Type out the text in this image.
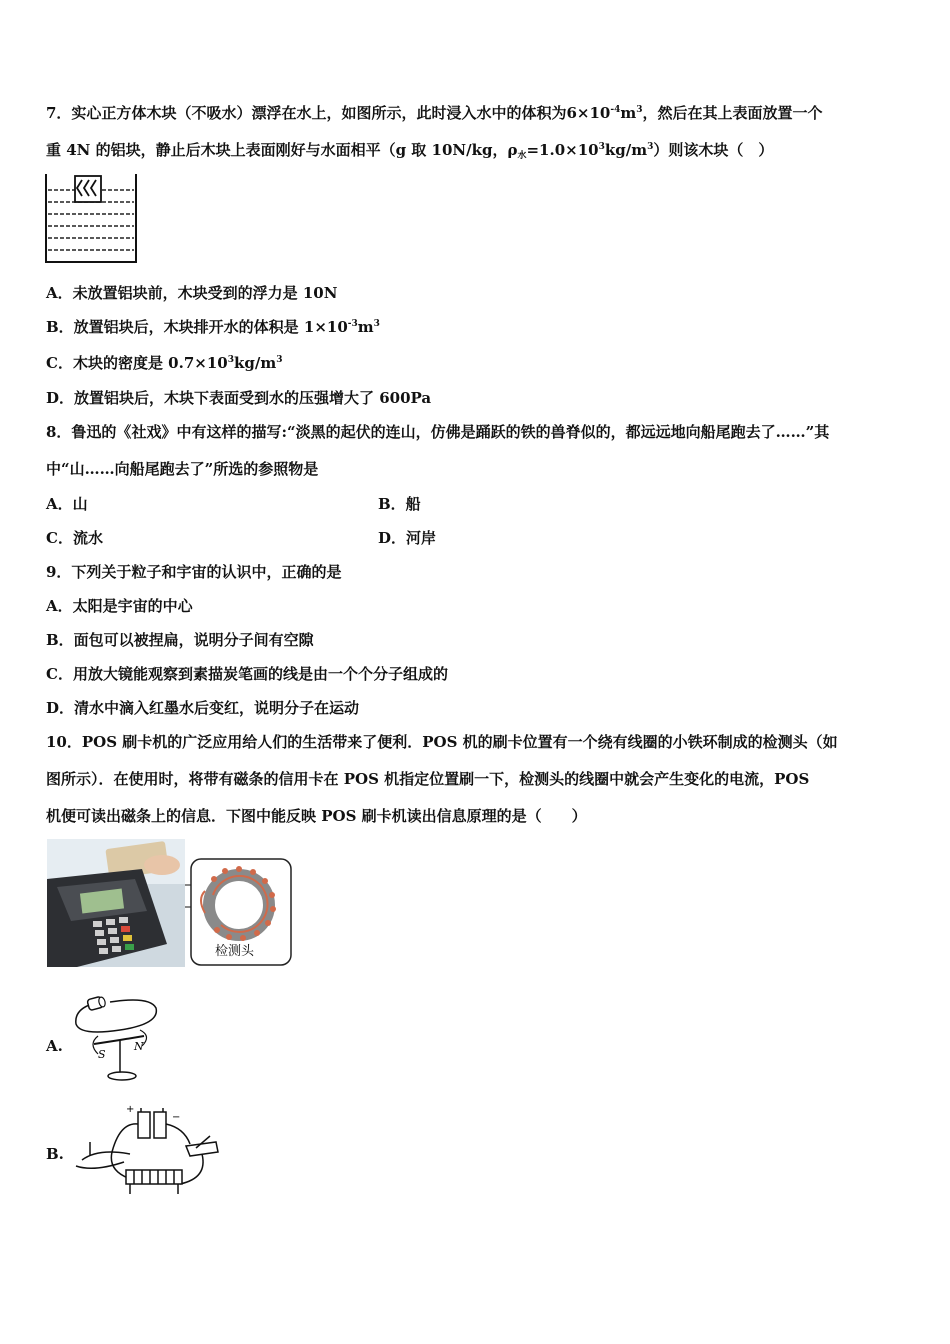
7．实心正方体木块（不吸水）漂浮在水上，如图所示，此时浸入水中的体积为$6\times 10^{-4}m^3$，然后在其上表面放置一个
重 4N 的铝块，静止后木块上表面刚好与水面相平（g 取 10N/kg，$\rho_水=1.0\times 10^3kg/m^3$）则该木块（　）
A．未放置铝块前，木块受到的浮力是 10N
B．放置铝块后，木块排开水的体积是 $1\times 10^{-3}m^3$
C．木块的密度是 $0.7\times 10^3kg/m^3$
D．放置铝块后，木块下表面受到水的压强增大了 600Pa
8．鲁迅的《社戏》中有这样的描写:“淡黑的起伏的连山，仿佛是踊跃的铁的兽脊似的，都远远地向船尾跑去了……”其
中“山……向船尾跑去了”所选的参照物是
A．山	B．船
C．流水	D．河岸
9．下列关于粒子和宇宙的认识中，正确的是
A．太阳是宇宙的中心
B．面包可以被捏扁，说明分子间有空隙
C．用放大镜能观察到素描炭笔画的线是由一个个分子组成的
D．清水中滴入红墨水后变红，说明分子在运动
10．POS 刷卡机的广泛应用给人们的生活带来了便利．POS 机的刷卡位置有一个绕有线圈的小铁环制成的检测头（如
图所示）．在使用时，将带有磁条的信用卡在 POS 机指定位置刷一下，检测头的线圈中就会产生变化的电流，POS
机便可读出磁条上的信息．下图中能反映 POS 刷卡机读出信息原理的是（　　）
检测头
A.	S
N
B.
+
−
